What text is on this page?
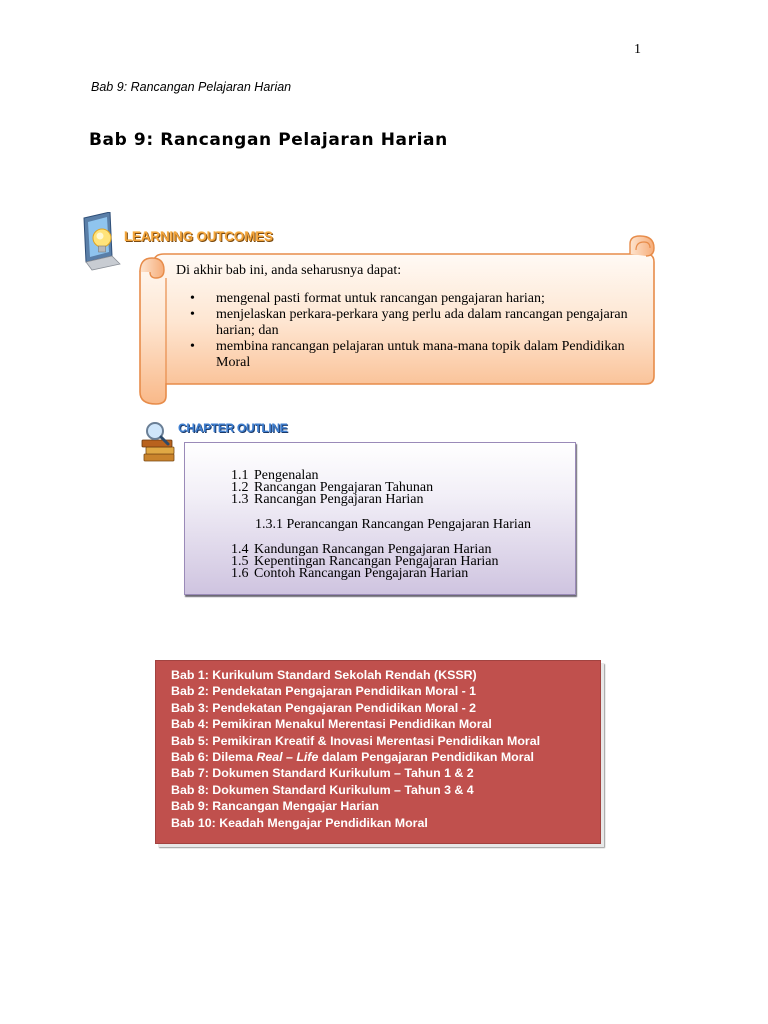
1
Bab 9: Rancangan Pelajaran Harian
Bab 9: Rancangan Pelajaran Harian
LEARNING OUTCOMES

Di akhir bab ini, anda seharusnya dapat:

• mengenal pasti format untuk rancangan pengajaran harian;
• menjelaskan perkara-perkara yang perlu ada dalam rancangan pengajaran harian; dan
• membina rancangan pelajaran untuk mana-mana topik dalam Pendidikan Moral
CHAPTER OUTLINE
1.1 Pengenalan
1.2 Rancangan Pengajaran Tahunan
1.3 Rancangan Pengajaran Harian
1.3.1 Perancangan Rancangan Pengajaran Harian
1.4 Kandungan Rancangan Pengajaran Harian
1.5 Kepentingan Rancangan Pengajaran Harian
1.6 Contoh Rancangan Pengajaran Harian
Bab 1: Kurikulum Standard Sekolah Rendah (KSSR)
Bab 2: Pendekatan Pengajaran Pendidikan Moral - 1
Bab 3: Pendekatan Pengajaran Pendidikan Moral - 2
Bab 4: Pemikiran Menakul Merentasi Pendidikan Moral
Bab 5: Pemikiran Kreatif & Inovasi Merentasi Pendidikan Moral
Bab 6: Dilema Real – Life dalam Pengajaran Pendidikan Moral
Bab 7: Dokumen Standard Kurikulum – Tahun 1 & 2
Bab 8: Dokumen Standard Kurikulum – Tahun 3 & 4
Bab 9: Rancangan Mengajar Harian
Bab 10: Keadah Mengajar Pendidikan Moral
